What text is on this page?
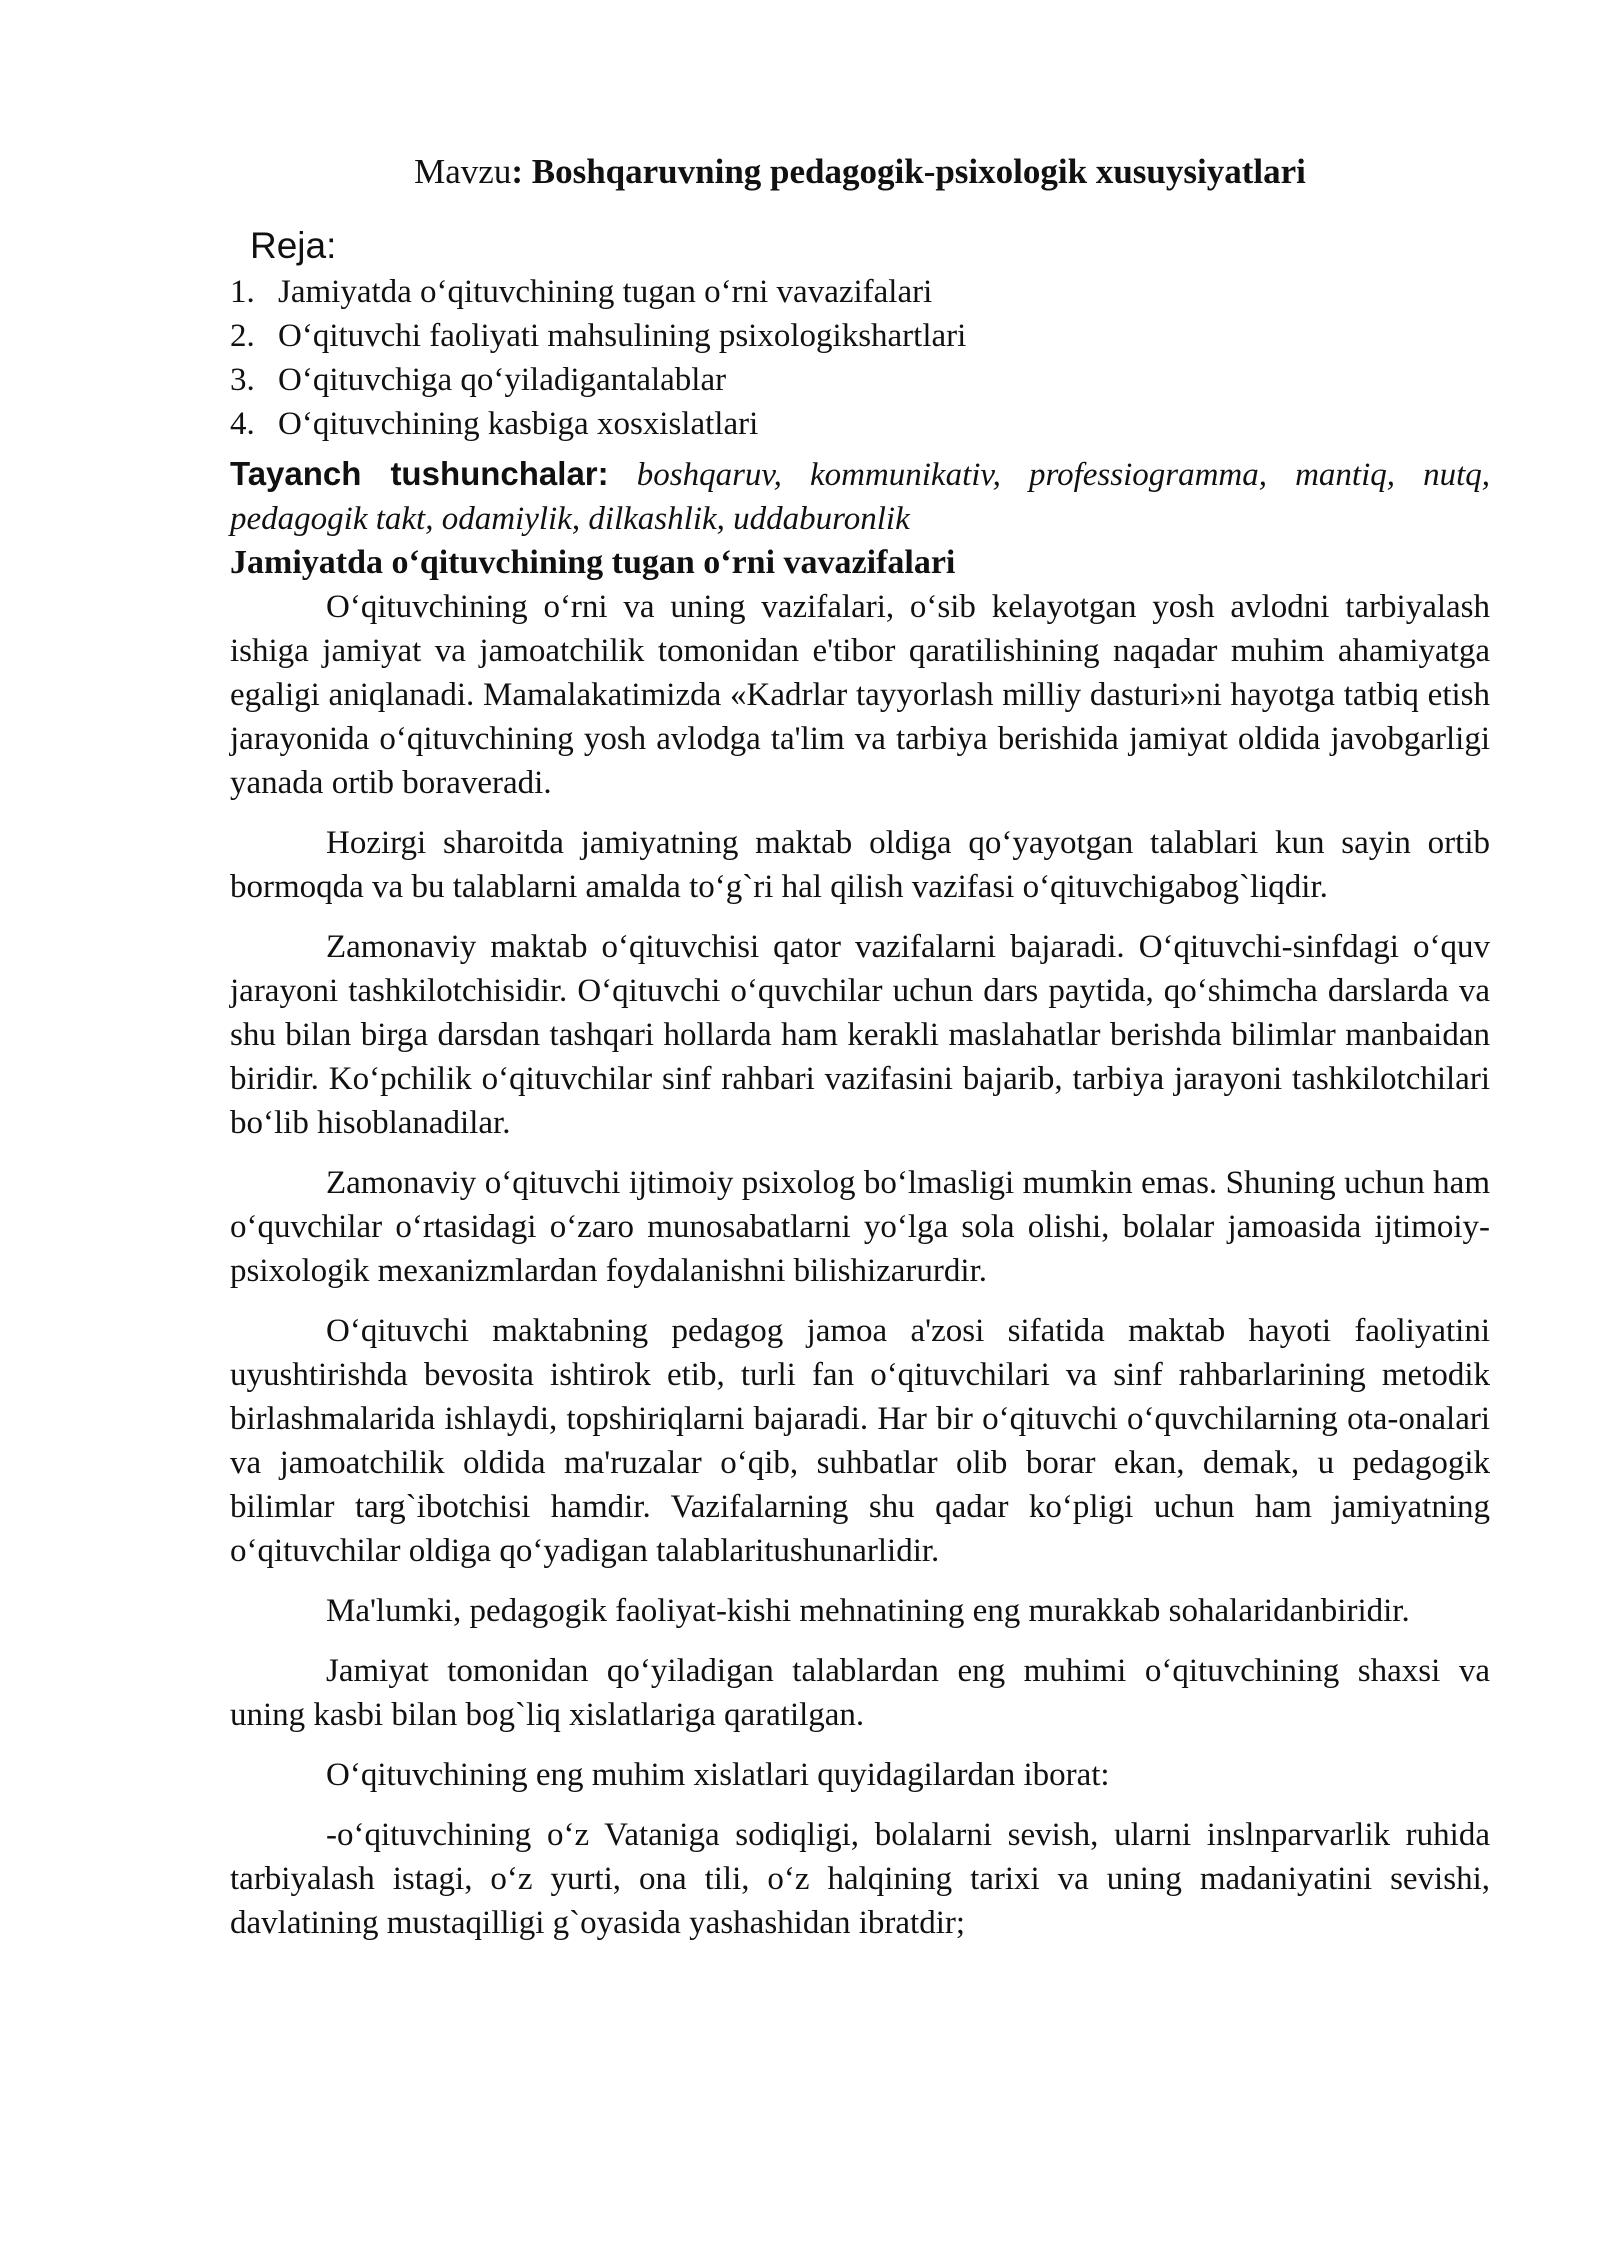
Mavzu: Boshqaruvning pedagogik-psixologik xusuysiyatlari
Reja:
1. Jamiyatda o‘qituvchining tugan o‘rni vavazifalari
2. O‘qituvchi faoliyati mahsulining psixologikshartlari
3. O‘qituvchiga qo‘yiladigantalablar
4. O‘qituvchining kasbiga xosxislatlari

Tayanch tushunchalar: boshqaruv, kommunikativ, professiogramma, mantiq, nutq, pedagogik takt, odamiylik, dilkashlik, uddaburonlik

Jamiyatda o‘qituvchining tugan o‘rni vavazifalari

O‘qituvchining o‘rni va uning vazifalari, o‘sib kelayotgan yosh avlodni tarbiyalash ishiga jamiyat va jamoatchilik tomonidan e'tibor qaratilishining naqadar muhim ahamiyatga egaligi aniqlanadi. Mamalakatimizda «Kadrlar tayyorlash milliy dasturi»ni hayotga tatbiq etish jarayonida o‘qituvchining yosh avlodga ta'lim va tarbiya berishida jamiyat oldida javobgarligi yanada ortib boraveradi.

Hozirgi sharoitda jamiyatning maktab oldiga qo‘yayotgan talablari kun sayin ortib bormoqda va bu talablarni amalda to‘g`ri hal qilish vazifasi o‘qituvchigabog`liqdir.

Zamonaviy maktab o‘qituvchisi qator vazifalarni bajaradi. O‘qituvchi-sinfdagi o‘quv jarayoni tashkilotchisidir. O‘qituvchi o‘quvchilar uchun dars paytida, qo‘shimcha darslarda va shu bilan birga darsdan tashqari hollarda ham kerakli maslahatlar berishda bilimlar manbaidan biridir. Ko‘pchilik o‘qituvchilar sinf rahbari vazifasini bajarib, tarbiya jarayoni tashkilotchilari bo‘lib hisoblanadilar.

Zamonaviy o‘qituvchi ijtimoiy psixolog bo‘lmasligi mumkin emas. Shuning uchun ham o‘quvchilar o‘rtasidagi o‘zaro munosabatlarni yo‘lga sola olishi, bolalar jamoasida ijtimoiy-psixologik mexanizmlardan foydalanishni bilishizarurdir.

O‘qituvchi maktabning pedagog jamoa a'zosi sifatida maktab hayoti faoliyatini uyushtirishda bevosita ishtirok etib, turli fan o‘qituvchilari va sinf rahbarlarining metodik birlashmalarida ishlaydi, topshiriqlarni bajaradi. Har bir o‘qituvchi o‘quvchilarning ota-onalari va jamoatchilik oldida ma'ruzalar o‘qib, suhbatlar olib borar ekan, demak, u pedagogik bilimlar targ`ibotchisi hamdir. Vazifalarning shu qadar ko‘pligi uchun ham jamiyatning o‘qituvchilar oldiga qo‘yadigan talablaritushunarlidir.

Ma'lumki, pedagogik faoliyat-kishi mehnatining eng murakkab sohalaridanbiridir.

Jamiyat tomonidan qo‘yiladigan talablardan eng muhimi o‘qituvchining shaxsi va uning kasbi bilan bog`liq xislatlariga qaratilgan.

O‘qituvchining eng muhim xislatlari quyidagilardan iborat:

-o‘qituvchining o‘z Vataniga sodiqligi, bolalarni sevish, ularni inslnparvarlik ruhida tarbiyalash istagi, o‘z yurti, ona tili, o‘z halqining tarixi va uning madaniyatini sevishi, davlatining mustaqilligi g`oyasida yashashidan ibratdir;
